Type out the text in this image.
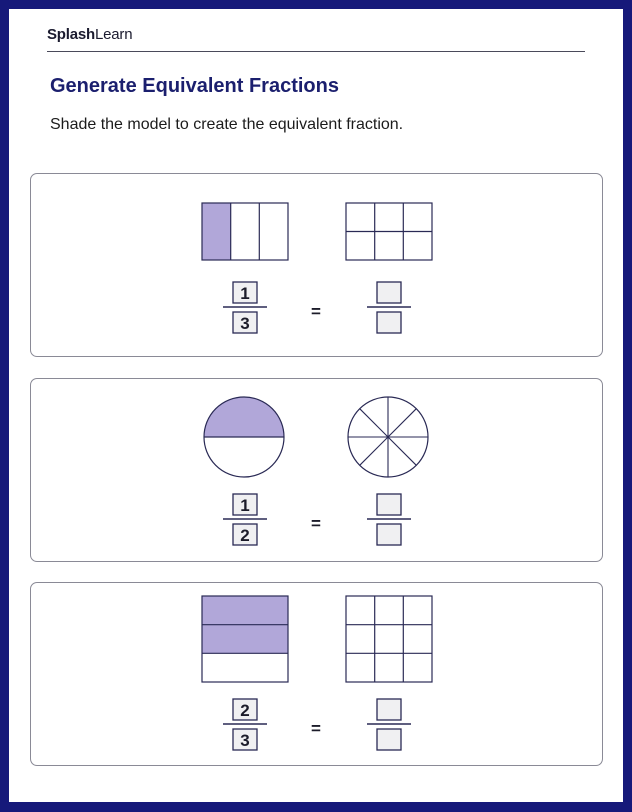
SplashLearn
Generate Equivalent Fractions
Shade the model to create the equivalent fraction.
1
3
=
1
2
=
2
3
=
